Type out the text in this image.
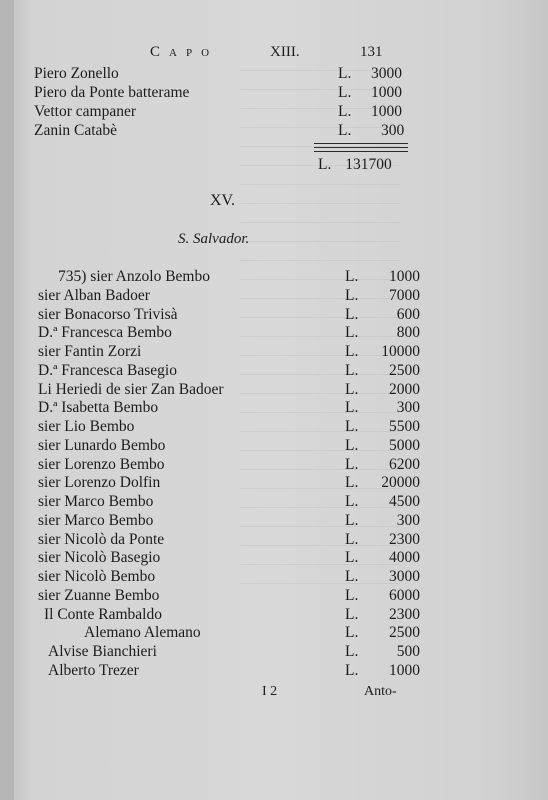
Capo	XIII.	131
Piero Zonello	L. 3000
Piero da Ponte batterame	L. 1000
Vettor campaner	L. 1000
Zanin Catabè	L. 300
L. 131700
XV.
S. Salvador.
735) sier Anzolo Bembo	L. 1000
sier Alban Badoer	L. 7000
sier Bonacorso Trivisà	L. 600
D.ª Francesca Bembo	L. 800
sier Fantin Zorzi	L. 10000
D.ª Francesca Basegio	L. 2500
Li Heriedi de sier Zan Badoer	L. 2000
D.ª Isabetta Bembo	L. 300
sier Lio Bembo	L. 5500
sier Lunardo Bembo	L. 5000
sier Lorenzo Bembo	L. 6200
sier Lorenzo Dolfin	L. 20000
sier Marco Bembo	L. 4500
sier Marco Bembo	L. 300
sier Nicolò da Ponte	L. 2300
sier Nicolò Basegio	L. 4000
sier Nicolò Bembo	L. 3000
sier Zuanne Bembo	L. 6000
Il Conte Rambaldo	L. 2300
Alemano Alemano	L. 2500
Alvise Bianchieri	L. 500
Alberto Trezer	L. 1000
I 2	Anto-
